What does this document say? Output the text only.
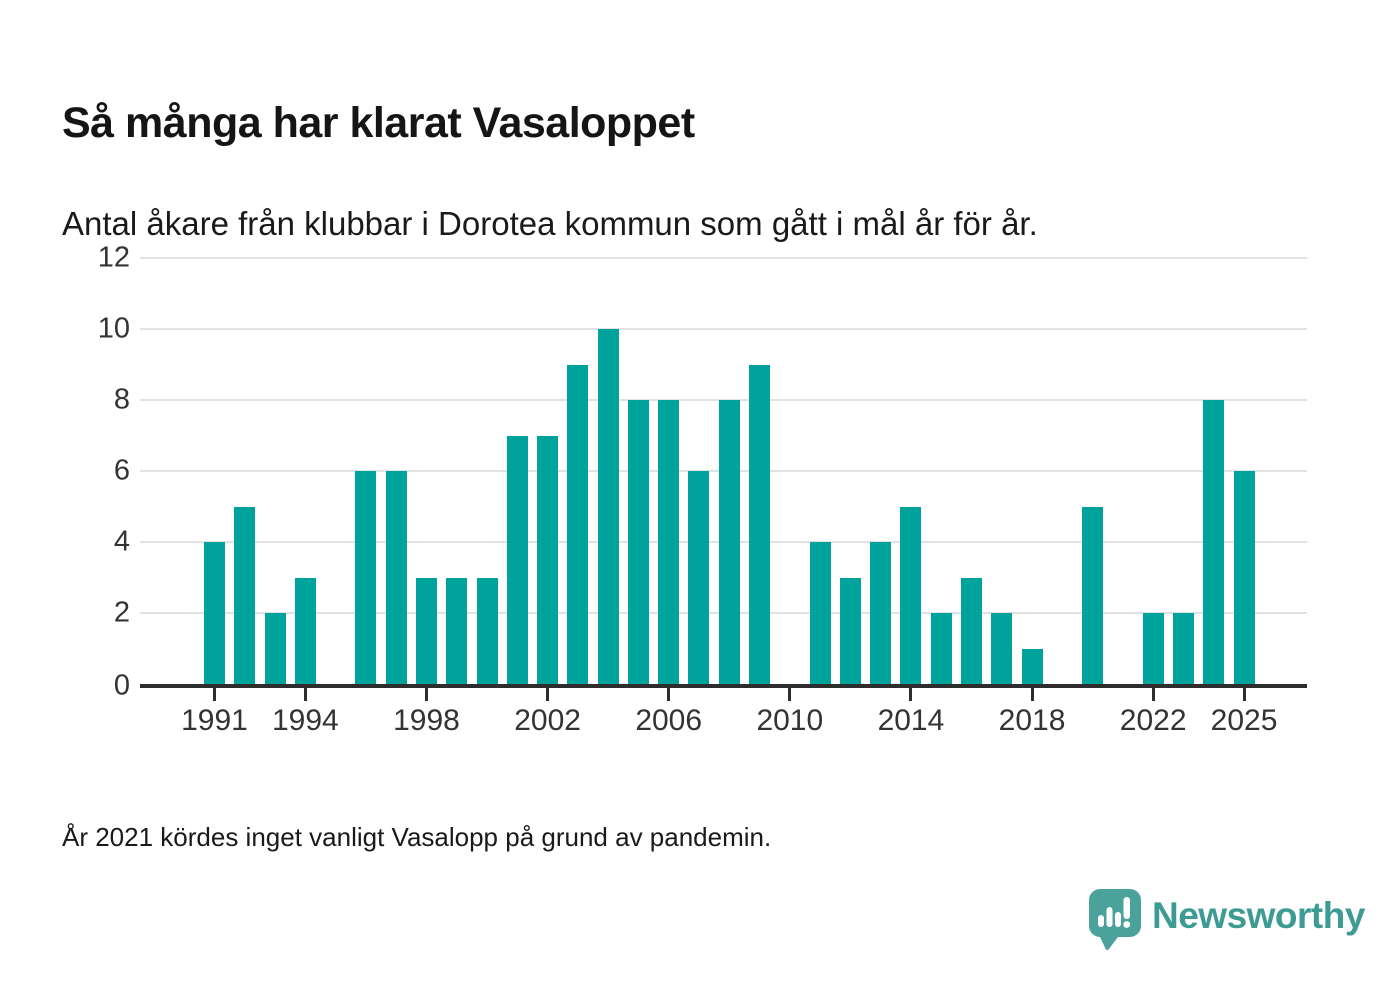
Så många har klarat Vasaloppet

Antal åkare från klubbar i Dorotea kommun som gått i mål år för år.

0
2
4
6
8
10
12
1991 1994 1998 2002 2006 2010 2014 2018 2022 2025

År 2021 kördes inget vanligt Vasalopp på grund av pandemin.

Newsworthy
